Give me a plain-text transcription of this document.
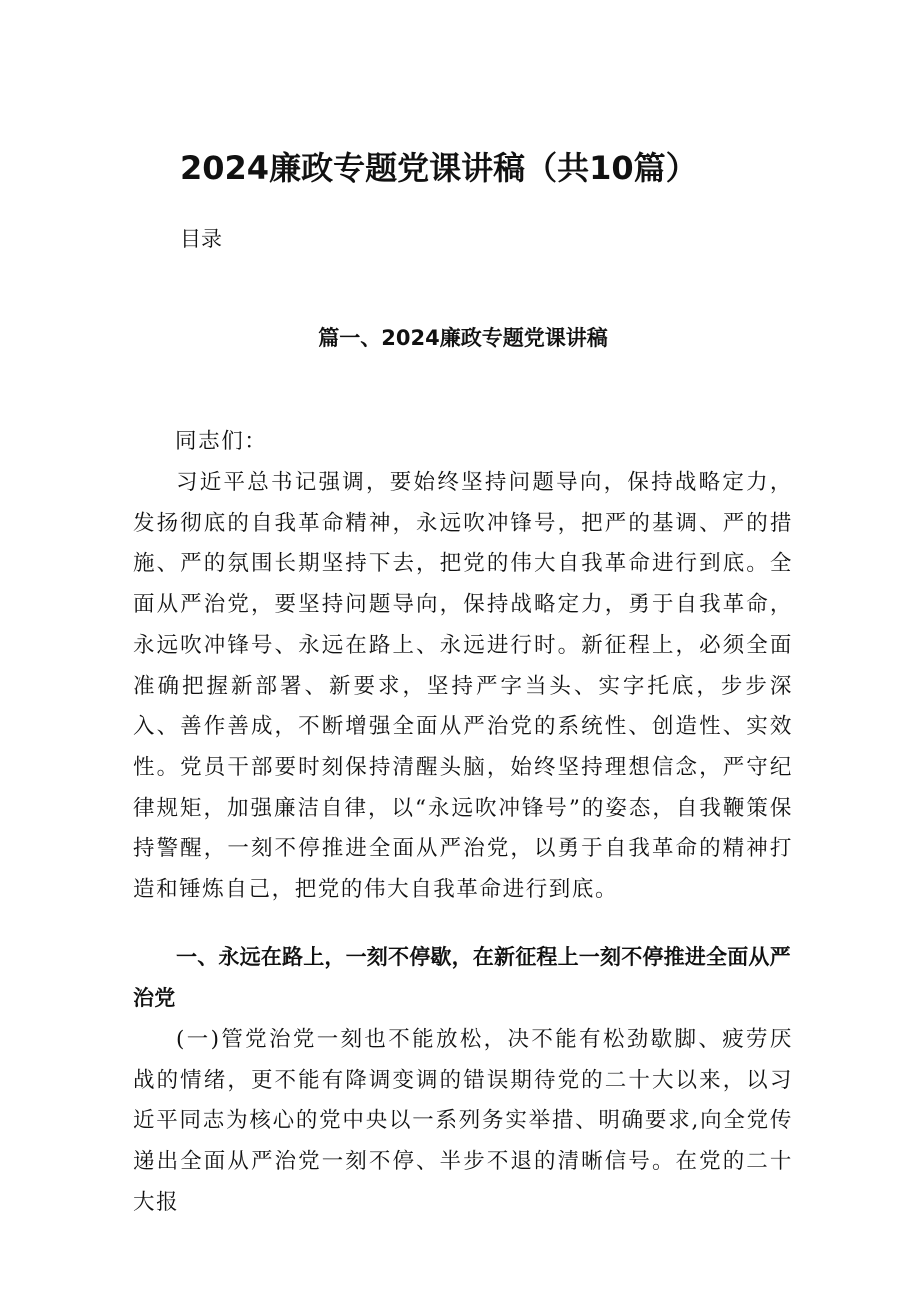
2024廉政专题党课讲稿（共10篇）
目录
篇一、2024廉政专题党课讲稿

同志们：

习近平总书记强调，要始终坚持问题导向，保持战略定力，发扬彻底的自我革命精神，永远吹冲锋号，把严的基调、严的措施、严的氛围长期坚持下去，把党的伟大自我革命进行到底。全面从严治党，要坚持问题导向，保持战略定力，勇于自我革命，永远吹冲锋号、永远在路上、永远进行时。新征程上，必须全面准确把握新部署、新要求，坚持严字当头、实字托底，步步深入、善作善成，不断增强全面从严治党的系统性、创造性、实效性。党员干部要时刻保持清醒头脑，始终坚持理想信念，严守纪律规矩，加强廉洁自律，以“永远吹冲锋号”的姿态，自我鞭策保持警醒，一刻不停推进全面从严治党，以勇于自我革命的精神打造和锤炼自己，把党的伟大自我革命进行到底。

一、永远在路上，一刻不停歇，在新征程上一刻不停推进全面从严治党

(一)管党治党一刻也不能放松，决不能有松劲歇脚、疲劳厌战的情绪，更不能有降调变调的错误期待党的二十大以来，以习近平同志为核心的党中央以一系列务实举措、明确要求,向全党传递出全面从严治党一刻不停、半步不退的清晰信号。在党的二十大报
